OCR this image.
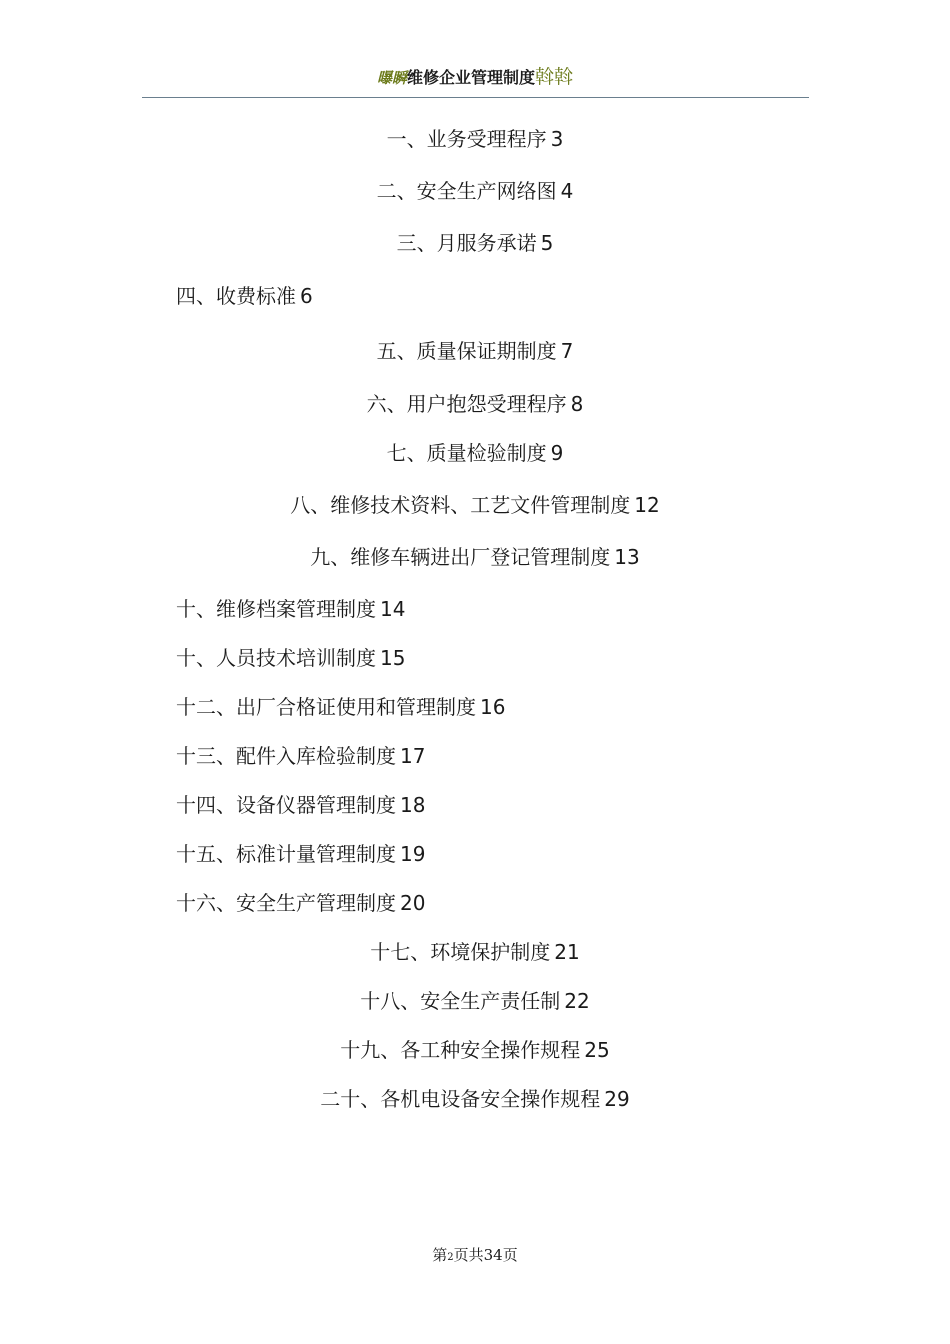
曝瞬维修企业管理制度斡斡
一、业务受理程序 3
二、安全生产网络图 4
三、月服务承诺 5
四、收费标准 6
五、质量保证期制度 7
六、用户抱怨受理程序 8
七、质量检验制度 9
八、维修技术资料、工艺文件管理制度 12
九、维修车辆进出厂登记管理制度 13
十、维修档案管理制度 14
十、人员技术培训制度 15
十二、出厂合格证使用和管理制度 16
十三、配件入库检验制度 17
十四、设备仪器管理制度 18
十五、标准计量管理制度 19
十六、安全生产管理制度 20
十七、环境保护制度 21
十八、安全生产责任制 22
十九、各工种安全操作规程 25
二十、各机电设备安全操作规程 29
第2页共34页
